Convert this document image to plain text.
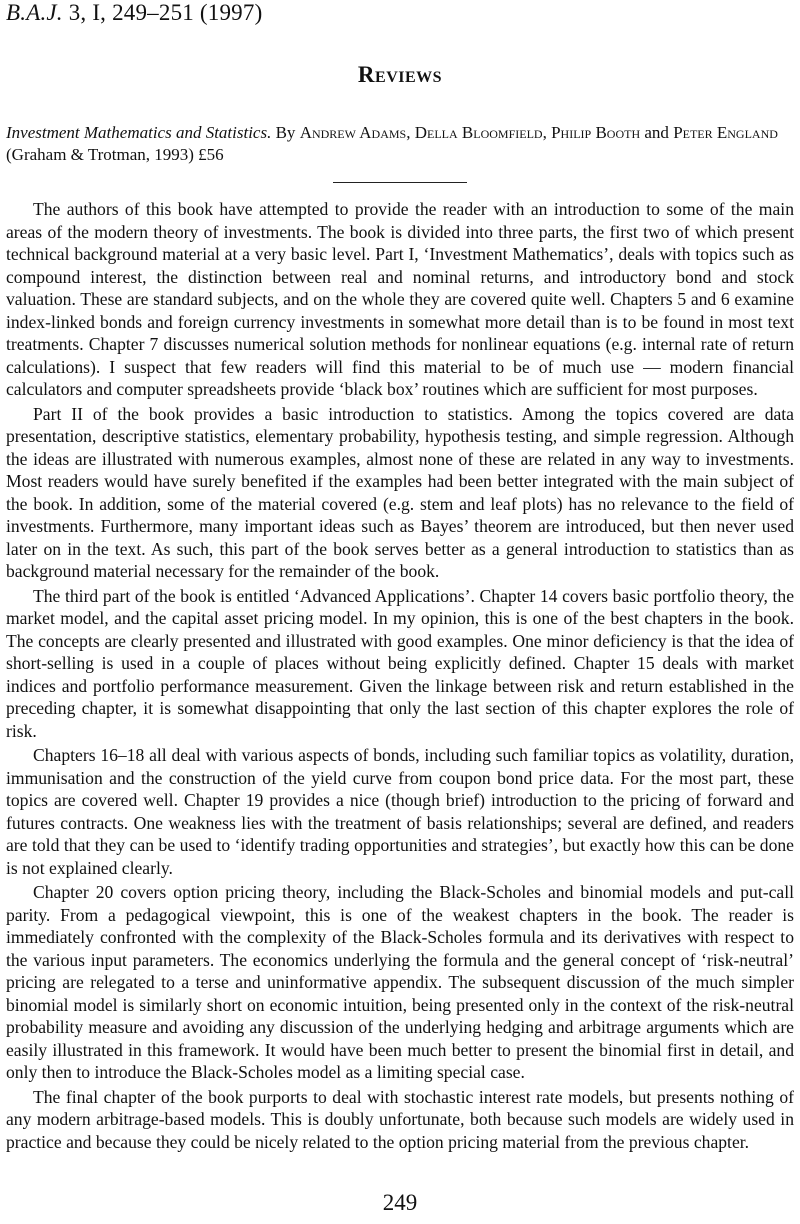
B.A.J. 3, I, 249–251 (1997)
Reviews
Investment Mathematics and Statistics. By Andrew Adams, Della Bloomfield, Philip Booth and Peter England (Graham & Trotman, 1993) £56

The authors of this book have attempted to provide the reader with an introduction to some of the main areas of the modern theory of investments. The book is divided into three parts, the first two of which present technical background material at a very basic level. Part I, ‘Investment Mathematics’, deals with topics such as compound interest, the distinction between real and nominal returns, and introductory bond and stock valuation. These are standard subjects, and on the whole they are covered quite well. Chapters 5 and 6 examine index-linked bonds and foreign currency investments in somewhat more detail than is to be found in most text treatments. Chapter 7 discusses numerical solution methods for nonlinear equations (e.g. internal rate of return calculations). I suspect that few readers will find this material to be of much use — modern financial calculators and computer spreadsheets provide ‘black box’ routines which are sufficient for most purposes.

Part II of the book provides a basic introduction to statistics. Among the topics covered are data presentation, descriptive statistics, elementary probability, hypothesis testing, and simple regression. Although the ideas are illustrated with numerous examples, almost none of these are related in any way to investments. Most readers would have surely benefited if the examples had been better integrated with the main subject of the book. In addition, some of the material covered (e.g. stem and leaf plots) has no relevance to the field of investments. Furthermore, many important ideas such as Bayes’ theorem are introduced, but then never used later on in the text. As such, this part of the book serves better as a general introduction to statistics than as background material necessary for the remainder of the book.

The third part of the book is entitled ‘Advanced Applications’. Chapter 14 covers basic portfolio theory, the market model, and the capital asset pricing model. In my opinion, this is one of the best chapters in the book. The concepts are clearly presented and illustrated with good examples. One minor deficiency is that the idea of short-selling is used in a couple of places without being explicitly defined. Chapter 15 deals with market indices and portfolio performance measurement. Given the linkage between risk and return established in the preceding chapter, it is somewhat disappointing that only the last section of this chapter explores the role of risk.

Chapters 16–18 all deal with various aspects of bonds, including such familiar topics as volatility, duration, immunisation and the construction of the yield curve from coupon bond price data. For the most part, these topics are covered well. Chapter 19 provides a nice (though brief) introduction to the pricing of forward and futures contracts. One weakness lies with the treatment of basis relationships; several are defined, and readers are told that they can be used to ‘identify trading opportunities and strategies’, but exactly how this can be done is not explained clearly.

Chapter 20 covers option pricing theory, including the Black-Scholes and binomial models and put-call parity. From a pedagogical viewpoint, this is one of the weakest chapters in the book. The reader is immediately confronted with the complexity of the Black-Scholes formula and its derivatives with respect to the various input parameters. The economics underlying the formula and the general concept of ‘risk-neutral’ pricing are relegated to a terse and uninformative appendix. The subsequent discussion of the much simpler binomial model is similarly short on economic intuition, being presented only in the context of the risk-neutral probability measure and avoiding any discussion of the underlying hedging and arbitrage arguments which are easily illustrated in this framework. It would have been much better to present the binomial first in detail, and only then to introduce the Black-Scholes model as a limiting special case.

The final chapter of the book purports to deal with stochastic interest rate models, but presents nothing of any modern arbitrage-based models. This is doubly unfortunate, both because such models are widely used in practice and because they could be nicely related to the option pricing material from the previous chapter.

249
